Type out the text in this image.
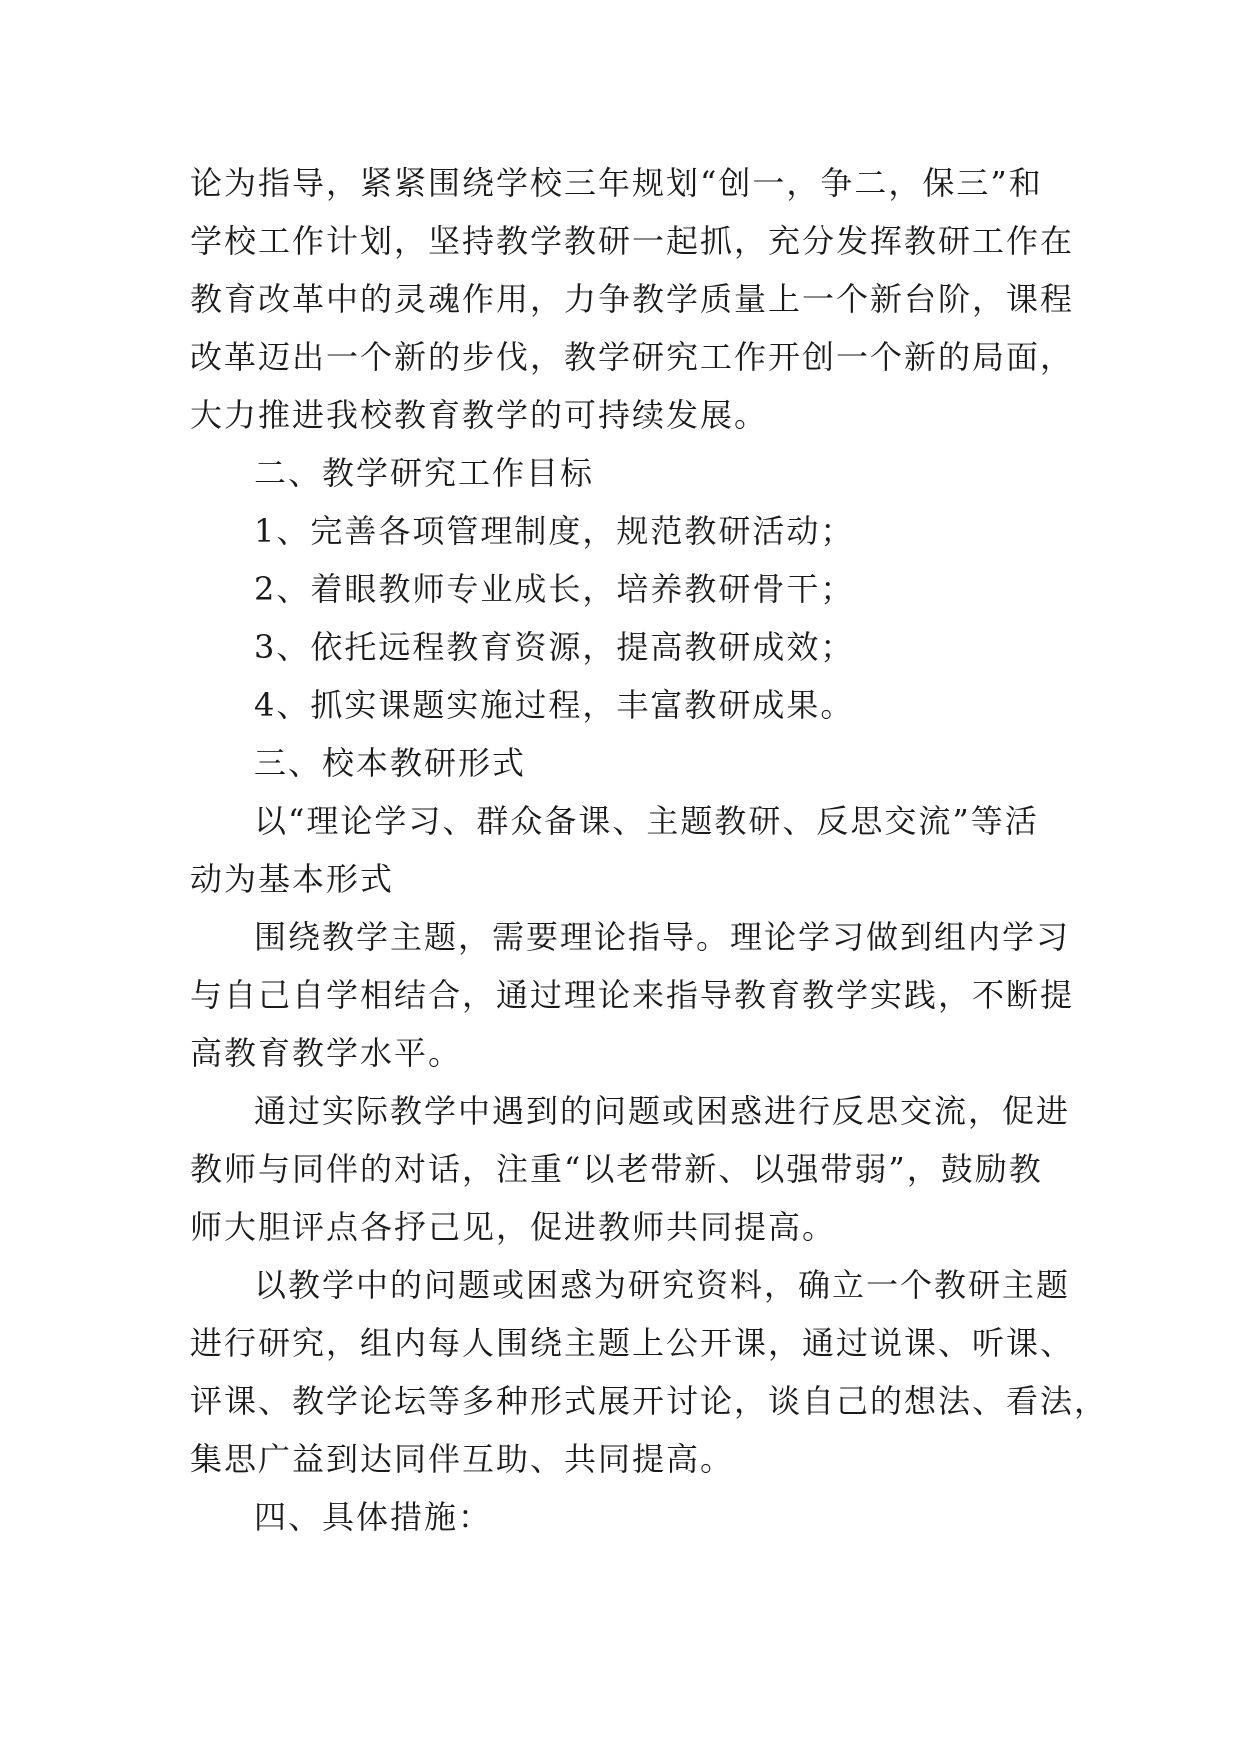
论为指导，紧紧围绕学校三年规划“创一，争二，保三”和
学校工作计划，坚持教学教研一起抓，充分发挥教研工作在
教育改革中的灵魂作用，力争教学质量上一个新台阶，课程
改革迈出一个新的步伐，教学研究工作开创一个新的局面，
大力推进我校教育教学的可持续发展。
二、教学研究工作目标
1、完善各项管理制度，规范教研活动；
2、着眼教师专业成长，培养教研骨干；
3、依托远程教育资源，提高教研成效；
4、抓实课题实施过程，丰富教研成果。
三、校本教研形式
以“理论学习、群众备课、主题教研、反思交流”等活
动为基本形式
围绕教学主题，需要理论指导。理论学习做到组内学习
与自己自学相结合，通过理论来指导教育教学实践，不断提
高教育教学水平。
通过实际教学中遇到的问题或困惑进行反思交流，促进
教师与同伴的对话，注重“以老带新、以强带弱”，鼓励教
师大胆评点各抒己见，促进教师共同提高。
以教学中的问题或困惑为研究资料，确立一个教研主题
进行研究，组内每人围绕主题上公开课，通过说课、听课、
评课、教学论坛等多种形式展开讨论，谈自己的想法、看法，
集思广益到达同伴互助、共同提高。
四、具体措施：
